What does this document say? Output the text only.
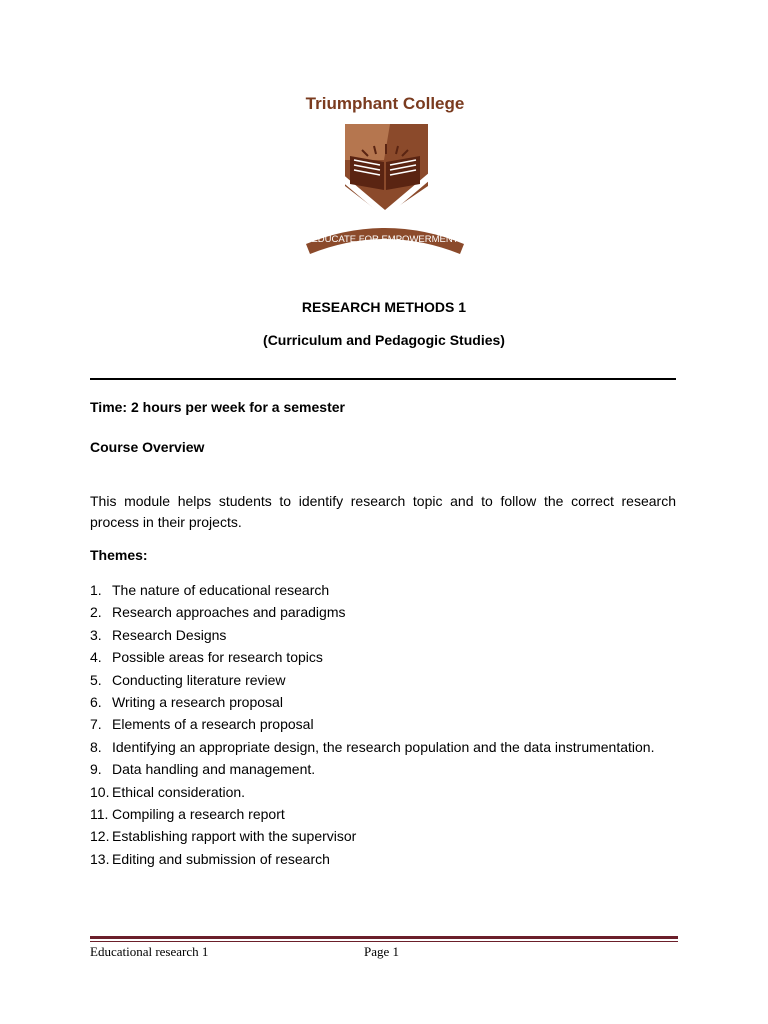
Triumphant College
EDUCATE FOR EMPOWERMENT
RESEARCH METHODS 1
(Curriculum and Pedagogic Studies)
Time: 2 hours per week for a semester
Course Overview
This module helps students to identify research topic and to follow the correct research process in their projects.
Themes:
1. The nature of educational research
2. Research approaches and paradigms
3. Research Designs
4. Possible areas for research topics
5. Conducting literature review
6. Writing a research proposal
7. Elements of a research proposal
8. Identifying an appropriate design, the research population and the data instrumentation.
9. Data handling and management.
10. Ethical consideration.
11. Compiling a research report
12. Establishing rapport with the supervisor
13. Editing and submission of research
Educational research 1	Page 1
